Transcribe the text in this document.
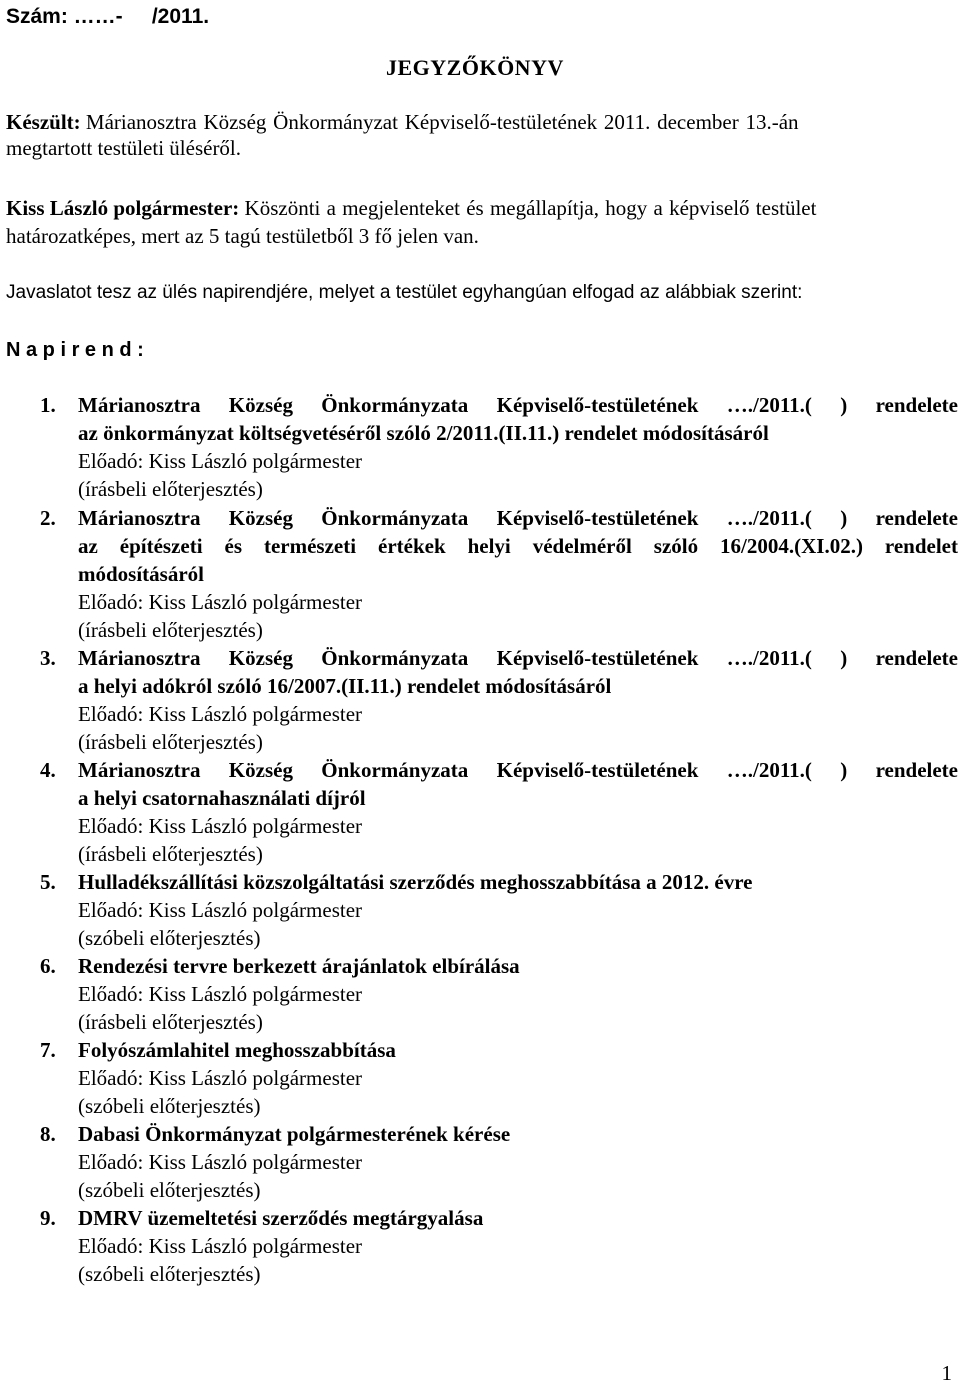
Szám: ……-     /2011.
JEGYZŐKÖNYV
Készült: Márianosztra Község Önkormányzat Képviselő-testületének 2011. december 13.-án
megtartott testületi üléséről.
Kiss László polgármester: Köszönti a megjelenteket és megállapítja, hogy a képviselő testület
határozatképes, mert az 5 tagú testületből 3 fő jelen van.
Javaslatot tesz az ülés napirendjére, melyet a testület egyhangúan elfogad az alábbiak szerint:
N a p i r e n d :
1. Márianosztra Község Önkormányzata Képviselő-testületének …./2011.( ) rendelete
az önkormányzat költségvetéséről szóló 2/2011.(II.11.) rendelet módosításáról
Előadó: Kiss László polgármester
(írásbeli előterjesztés)
2. Márianosztra Község Önkormányzata Képviselő-testületének …./2011.( ) rendelete
az építészeti és természeti értékek helyi védelméről szóló 16/2004.(XI.02.) rendelet
módosításáról
Előadó: Kiss László polgármester
(írásbeli előterjesztés)
3. Márianosztra Község Önkormányzata Képviselő-testületének …./2011.( ) rendelete
a helyi adókról szóló 16/2007.(II.11.) rendelet módosításáról
Előadó: Kiss László polgármester
(írásbeli előterjesztés)
4. Márianosztra Község Önkormányzata Képviselő-testületének …./2011.( ) rendelete
a helyi csatornahasználati díjról
Előadó: Kiss László polgármester
(írásbeli előterjesztés)
5. Hulladékszállítási közszolgáltatási szerződés meghosszabbítása a 2012. évre
Előadó: Kiss László polgármester
(szóbeli előterjesztés)
6. Rendezési tervre berkezett árajánlatok elbírálása
Előadó: Kiss László polgármester
(írásbeli előterjesztés)
7. Folyószámlahitel meghosszabbítása
Előadó: Kiss László polgármester
(szóbeli előterjesztés)
8. Dabasi Önkormányzat polgármesterének kérése
Előadó: Kiss László polgármester
(szóbeli előterjesztés)
9. DMRV üzemeltetési szerződés megtárgyalása
Előadó: Kiss László polgármester
(szóbeli előterjesztés)
1
